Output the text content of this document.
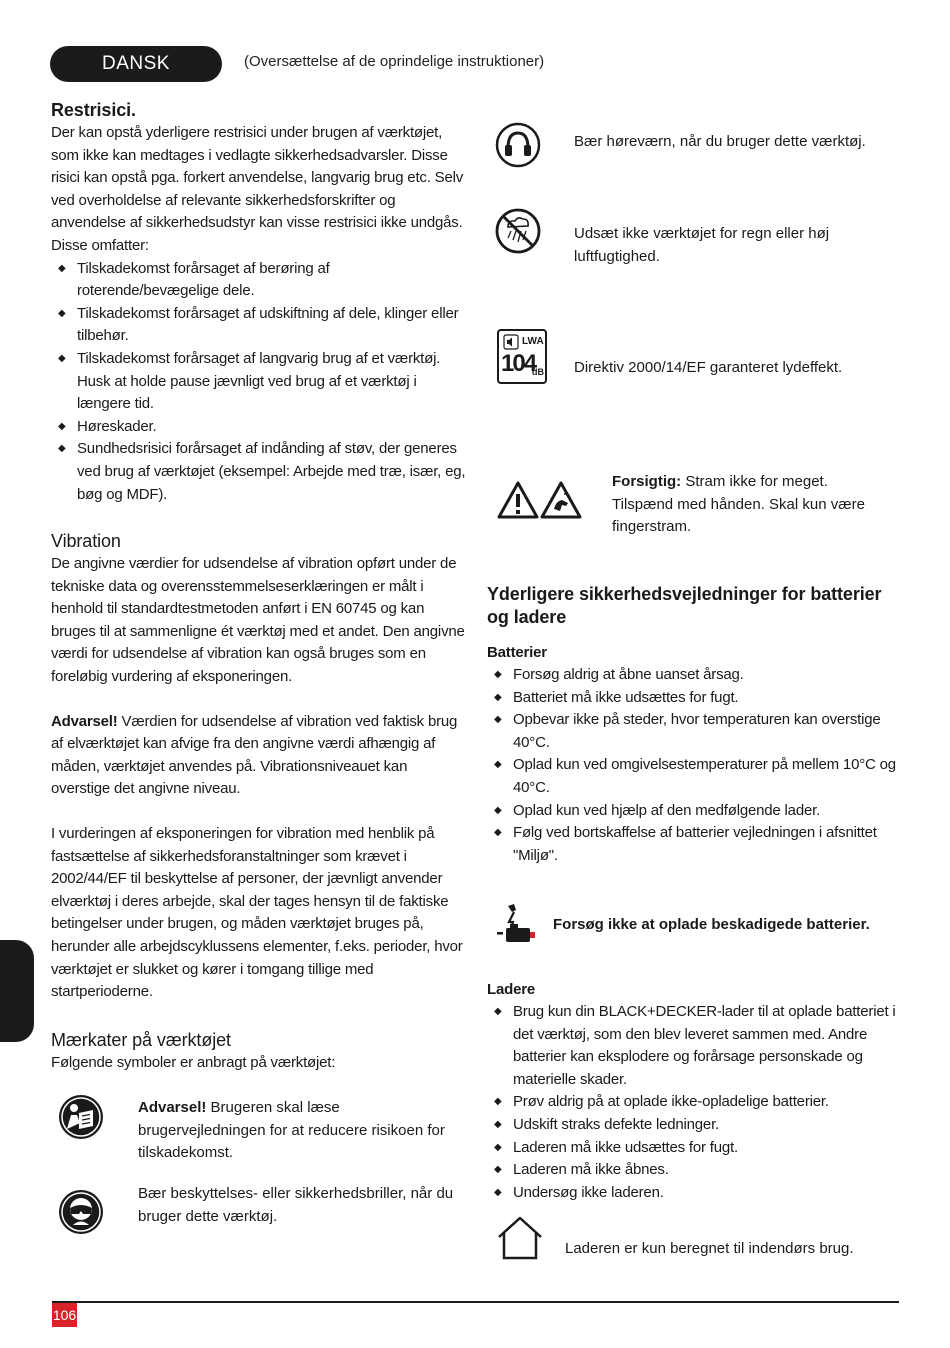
DANSK	(Oversættelse af de oprindelige instruktioner)
Restrisici.

Der kan opstå yderligere restrisici under brugen af værktøjet, som ikke kan medtages i vedlagte sikkerhedsadvarsler. Disse risici kan opstå pga. forkert anvendelse, langvarig brug etc. Selv ved overholdelse af relevante sikkerhedsforskrifter og anvendelse af sikkerhedsudstyr kan visse restrisici ikke undgås. Disse omfatter:

◆ Tilskadekomst forårsaget af berøring af roterende/bevægelige dele.
◆ Tilskadekomst forårsaget af udskiftning af dele, klinger eller tilbehør.
◆ Tilskadekomst forårsaget af langvarig brug af et værktøj. Husk at holde pause jævnligt ved brug af et værktøj i længere tid.
◆ Høreskader.
◆ Sundhedsrisici forårsaget af indånding af støv, der generes ved brug af værktøjet (eksempel: Arbejde med træ, især, eg, bøg og MDF).
Vibration

De angivne værdier for udsendelse af vibration opført under de tekniske data og overensstemmelseserklæringen er målt i henhold til standardtestmetoden anført i EN 60745 og kan bruges til at sammenligne ét værktøj med et andet. Den angivne værdi for udsendelse af vibration kan også bruges som en foreløbig vurdering af eksponeringen.

Advarsel! Værdien for udsendelse af vibration ved faktisk brug af elværktøjet kan afvige fra den angivne værdi afhængig af måden, værktøjet anvendes på. Vibrationsniveauet kan overstige det angivne niveau.

I vurderingen af eksponeringen for vibration med henblik på fastsættelse af sikkerhedsforanstaltninger som krævet i 2002/44/EF til beskyttelse af personer, der jævnligt anvender elværktøj i deres arbejde, skal der tages hensyn til de faktiske betingelser under brugen, og måden værktøjet bruges på, herunder alle arbejdscyklussens elementer, f.eks. perioder, hvor værktøjet er slukket og kører i tomgang tillige med startperioderne.

Mærkater på værktøjet

Følgende symboler er anbragt på værktøjet:

Advarsel! Brugeren skal læse brugervejledningen for at reducere risikoen for tilskadekomst.
Bær beskyttelses- eller sikkerhedsbriller, når du bruger dette værktøj.
Bær høreværn, når du bruger dette værktøj.
Udsæt ikke værktøjet for regn eller høj luftfugtighed.
LWA
104
dB Direktiv 2000/14/EF garanteret lydeffekt.
Forsigtig: Stram ikke for meget. Tilspænd med hånden. Skal kun være fingerstram.
Yderligere sikkerhedsvejledninger for batterier og ladere
Batterier
◆ Forsøg aldrig at åbne uanset årsag.
◆ Batteriet må ikke udsættes for fugt.
◆ Opbevar ikke på steder, hvor temperaturen kan overstige 40°C.
◆ Oplad kun ved omgivelsestemperaturer på mellem 10°C og 40°C.
◆ Oplad kun ved hjælp af den medfølgende lader.
◆ Følg ved bortskaffelse af batterier vejledningen i afsnittet "Miljø".
Forsøg ikke at oplade beskadigede batterier.
Ladere
◆ Brug kun din BLACK+DECKER-lader til at oplade batteriet i det værktøj, som den blev leveret sammen med. Andre batterier kan eksplodere og forårsage personskade og materielle skader.
◆ Prøv aldrig på at oplade ikke-opladelige batterier.
◆ Udskift straks defekte ledninger.
◆ Laderen må ikke udsættes for fugt.
◆ Laderen må ikke åbnes.
◆ Undersøg ikke laderen.
Laderen er kun beregnet til indendørs brug.
106
